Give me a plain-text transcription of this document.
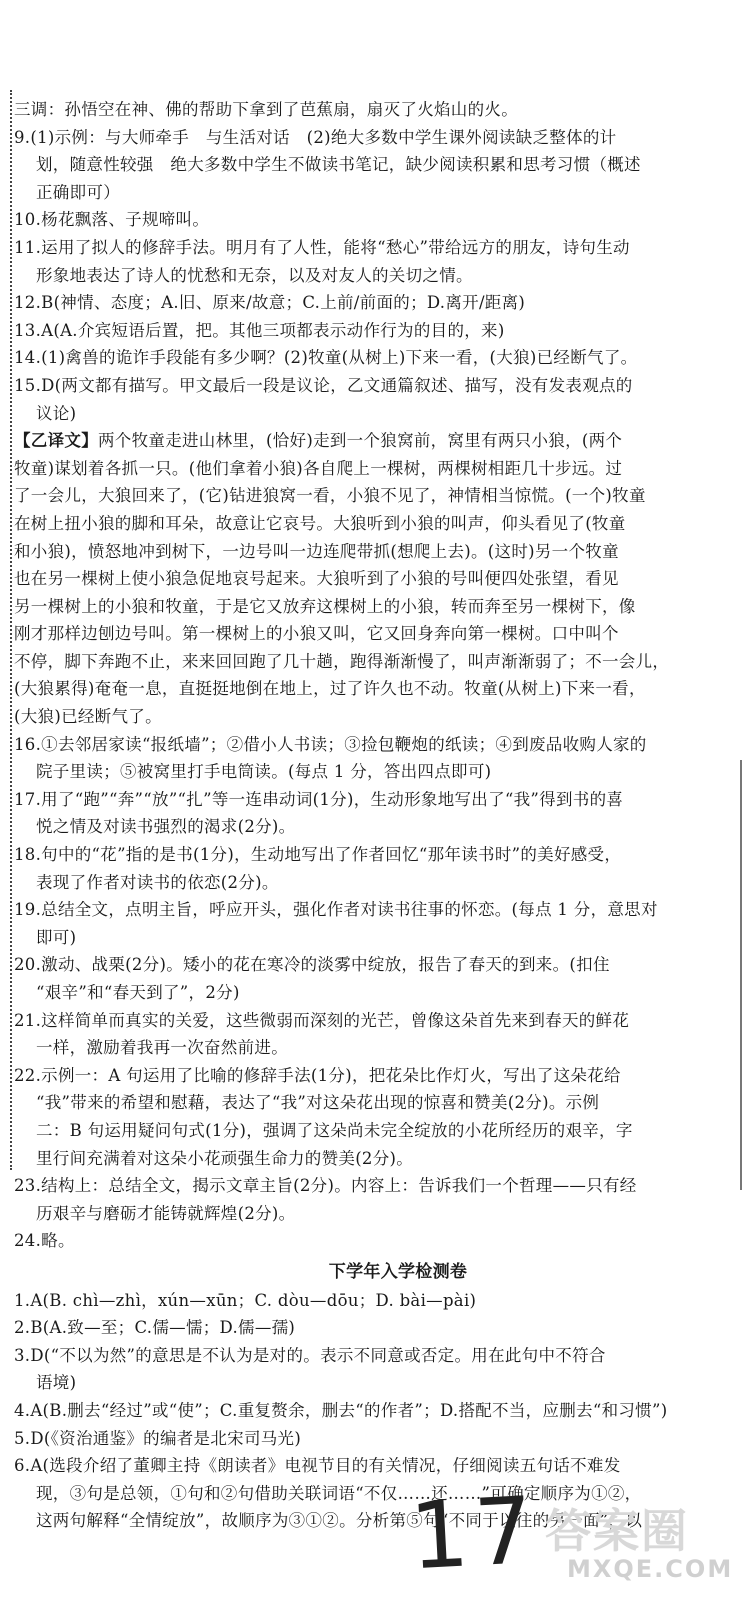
三调：孙悟空在神、佛的帮助下拿到了芭蕉扇，扇灭了火焰山的火。
9.(1)示例：与大师牵手　与生活对话　(2)绝大多数中学生课外阅读缺乏整体的计
划，随意性较强　绝大多数中学生不做读书笔记，缺少阅读积累和思考习惯（概述
正确即可）
10.杨花飘落、子规啼叫。
11.运用了拟人的修辞手法。明月有了人性，能将“愁心”带给远方的朋友，诗句生动
形象地表达了诗人的忧愁和无奈，以及对友人的关切之情。
12.B(神情、态度；A.旧、原来/故意；C.上前/前面的；D.离开/距离)
13.A(A.介宾短语后置，把。其他三项都表示动作行为的目的，来)
14.(1)禽兽的诡诈手段能有多少啊？(2)牧童(从树上)下来一看，(大狼)已经断气了。
15.D(两文都有描写。甲文最后一段是议论，乙文通篇叙述、描写，没有发表观点的
议论)
【乙译文】两个牧童走进山林里，(恰好)走到一个狼窝前，窝里有两只小狼，(两个
牧童)谋划着各抓一只。(他们拿着小狼)各自爬上一棵树，两棵树相距几十步远。过
了一会儿，大狼回来了，(它)钻进狼窝一看，小狼不见了，神情相当惊慌。(一个)牧童
在树上扭小狼的脚和耳朵，故意让它哀号。大狼听到小狼的叫声，仰头看见了(牧童
和小狼)，愤怒地冲到树下，一边号叫一边连爬带抓(想爬上去)。(这时)另一个牧童
也在另一棵树上使小狼急促地哀号起来。大狼听到了小狼的号叫便四处张望，看见
另一棵树上的小狼和牧童，于是它又放弃这棵树上的小狼，转而奔至另一棵树下，像
刚才那样边刨边号叫。第一棵树上的小狼又叫，它又回身奔向第一棵树。口中叫个
不停，脚下奔跑不止，来来回回跑了几十趟，跑得渐渐慢了，叫声渐渐弱了；不一会儿，
(大狼累得)奄奄一息，直挺挺地倒在地上，过了许久也不动。牧童(从树上)下来一看，
(大狼)已经断气了。
16.①去邻居家读“报纸墙”；②借小人书读；③捡包鞭炮的纸读；④到废品收购人家的
院子里读；⑤被窝里打手电筒读。(每点 1 分，答出四点即可)
17.用了“跑”“奔”“放”“扎”等一连串动词(1分)，生动形象地写出了“我”得到书的喜
悦之情及对读书强烈的渴求(2分)。
18.句中的“花”指的是书(1分)，生动地写出了作者回忆“那年读书时”的美好感受，
表现了作者对读书的依恋(2分)。
19.总结全文，点明主旨，呼应开头，强化作者对读书往事的怀恋。(每点 1 分，意思对
即可)
20.激动、战栗(2分)。矮小的花在寒冷的淡雾中绽放，报告了春天的到来。(扣住
“艰辛”和“春天到了”，2分)
21.这样简单而真实的关爱，这些微弱而深刻的光芒，曾像这朵首先来到春天的鲜花
一样，激励着我再一次奋然前进。
22.示例一：A 句运用了比喻的修辞手法(1分)，把花朵比作灯火，写出了这朵花给
“我”带来的希望和慰藉，表达了“我”对这朵花出现的惊喜和赞美(2分)。示例
二：B 句运用疑问句式(1分)，强调了这朵尚未完全绽放的小花所经历的艰辛，字
里行间充满着对这朵小花顽强生命力的赞美(2分)。
23.结构上：总结全文，揭示文章主旨(2分)。内容上：告诉我们一个哲理——只有经
历艰辛与磨砺才能铸就辉煌(2分)。
24.略。
下学年入学检测卷
1.A(B. chì—zhì，xún—xūn；C. dòu—dōu；D. bài—pài)
2.B(A.致—至；C.儒—懦；D.儒—孺)
3.D(“不以为然”的意思是不认为是对的。表示不同意或否定。用在此句中不符合
语境)
4.A(B.删去“经过”或“使”；C.重复赘余，删去“的作者”；D.搭配不当，应删去“和习惯”)
5.D(《资治通鉴》的编者是北宋司马光)
6.A(选段介绍了董卿主持《朗读者》电视节目的有关情况，仔细阅读五句话不难发
现，③句是总领，①句和②句借助关联词语“不仅……还……”可确定顺序为①②，
这两句解释“全情绽放”，故顺序为③①②。分析第⑤句“不同于以往的另一面”，以
17 答案圈
MXQE.COM
